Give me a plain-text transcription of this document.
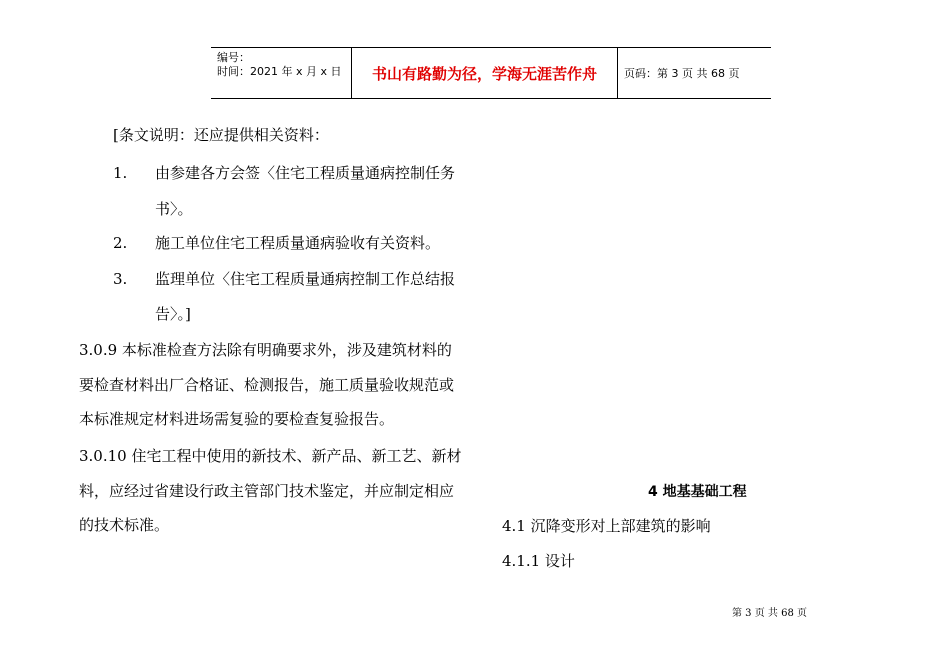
编号：
时间：2021 年 x 月 x 日	书山有路勤为径，学海无涯苦作舟	页码：第 3 页 共 68 页
[条文说明：还应提供相关资料：
1. 由参建各方会签〈住宅工程质量通病控制任务
书〉。
2. 施工单位住宅工程质量通病验收有关资料。
3. 监理单位〈住宅工程质量通病控制工作总结报
告〉。]
3.0.9 本标准检查方法除有明确要求外，涉及建筑材料的
要检查材料出厂合格证、检测报告，施工质量验收规范或
本标准规定材料进场需复验的要检查复验报告。
3.0.10 住宅工程中使用的新技术、新产品、新工艺、新材
料，应经过省建设行政主管部门技术鉴定，并应制定相应
的技术标准。
4 地基基础工程
4.1 沉降变形对上部建筑的影响
4.1.1 设计
第 3 页 共 68 页
